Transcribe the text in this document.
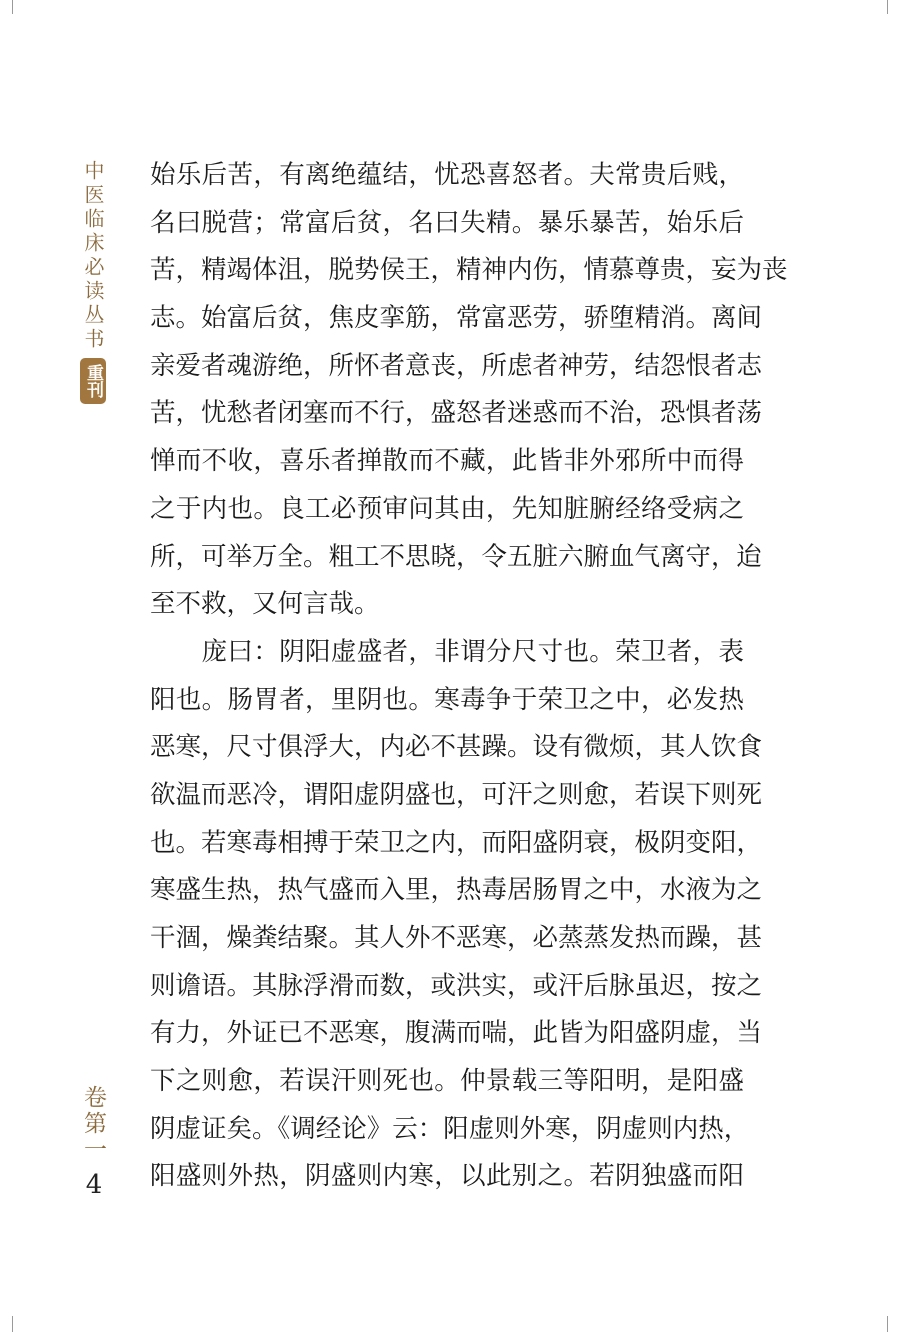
中医临床必读丛书
重刊
卷第一
4
始乐后苦，有离绝蕴结，忧恐喜怒者。夫常贵后贱，
名曰脱营；常富后贫，名曰失精。暴乐暴苦，始乐后
苦，精竭体沮，脱势侯王，精神内伤，情慕尊贵，妄为丧
志。始富后贫，焦皮挛筋，常富恶劳，骄堕精消。离间
亲爱者魂游绝，所怀者意丧，所虑者神劳，结怨恨者志
苦，忧愁者闭塞而不行，盛怒者迷惑而不治，恐惧者荡
惮而不收，喜乐者掸散而不藏，此皆非外邪所中而得
之于内也。良工必预审问其由，先知脏腑经络受病之
所，可举万全。粗工不思晓，令五脏六腑血气离守，迨
至不救，又何言哉。
　　庞曰：阴阳虚盛者，非谓分尺寸也。荣卫者，表
阳也。肠胃者，里阴也。寒毒争于荣卫之中，必发热
恶寒，尺寸俱浮大，内必不甚躁。设有微烦，其人饮食
欲温而恶冷，谓阳虚阴盛也，可汗之则愈，若误下则死
也。若寒毒相搏于荣卫之内，而阳盛阴衰，极阴变阳，
寒盛生热，热气盛而入里，热毒居肠胃之中，水液为之
干涸，燥粪结聚。其人外不恶寒，必蒸蒸发热而躁，甚
则谵语。其脉浮滑而数，或洪实，或汗后脉虽迟，按之
有力，外证已不恶寒，腹满而喘，此皆为阳盛阴虚，当
下之则愈，若误汗则死也。仲景载三等阳明，是阳盛
阴虚证矣。《调经论》云：阳虚则外寒，阴虚则内热，
阳盛则外热，阴盛则内寒，以此别之。若阴独盛而阳
